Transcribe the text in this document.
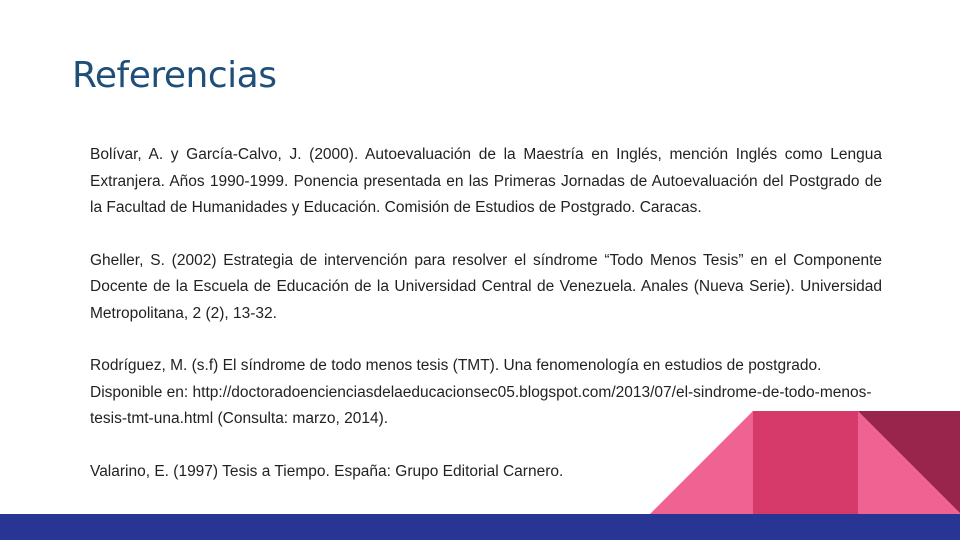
Referencias

Bolívar, A. y García-Calvo, J. (2000). Autoevaluación de la Maestría en Inglés, mención Inglés como Lengua Extranjera. Años 1990-1999. Ponencia presentada en las Primeras Jornadas de Autoevaluación del Postgrado de la Facultad de Humanidades y Educación. Comisión de Estudios de Postgrado. Caracas.

Gheller, S. (2002) Estrategia de intervención para resolver el síndrome “Todo Menos Tesis” en el Componente Docente de la Escuela de Educación de la Universidad Central de Venezuela. Anales (Nueva Serie). Universidad Metropolitana, 2 (2), 13-32.

Rodríguez, M. (s.f) El síndrome de todo menos tesis (TMT). Una fenomenología en estudios de postgrado. Disponible en: http://doctoradoencienciasdelaeducacionsec05.blogspot.com/2013/07/el-sindrome-de-todo-menos-tesis-tmt-una.html (Consulta: marzo, 2014).

Valarino, E. (1997) Tesis a Tiempo. España: Grupo Editorial Carnero.
